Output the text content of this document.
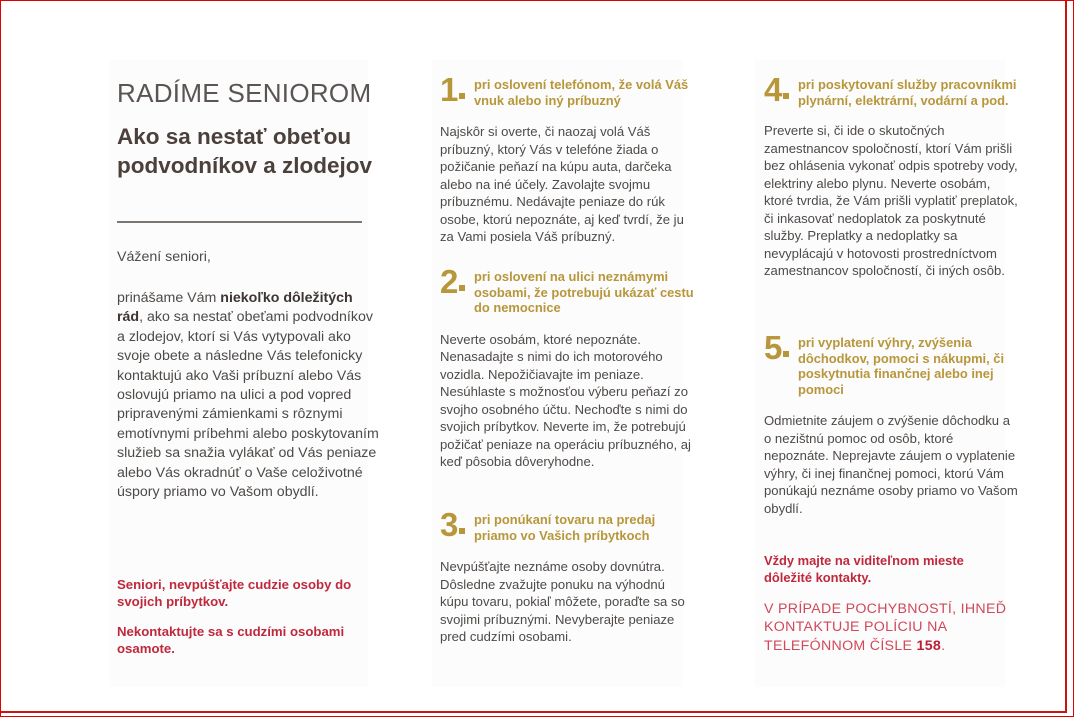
RADÍME SENIOROM
Ako sa nestať obeťou podvodníkov a zlodejov
Vážení seniori,
prinášame Vám niekoľko dôležitých rád, ako sa nestať obeťami podvodníkov a zlodejov, ktorí si Vás vytypovali ako svoje obete a následne Vás telefonicky kontaktujú ako Vaši príbuzní alebo Vás oslovujú priamo na ulici a pod vopred pripravenými zámienkami s rôznymi emotívnymi príbehmi alebo poskytovaním služieb sa snažia vylákať od Vás peniaze alebo Vás okradnúť o Vaše celoživotné úspory priamo vo Vašom obydlí.
Seniori, nevpúšťajte cudzie osoby do svojich príbytkov.
Nekontaktujte sa s cudzími osobami osamote.
1	pri oslovení telefónom, že volá Váš vnuk alebo iný príbuzný
Najskôr si overte, či naozaj volá Váš príbuzný, ktorý Vás v telefóne žiada o požičanie peňazí na kúpu auta, darčeka alebo na iné účely. Zavolajte svojmu príbuznému. Nedávajte peniaze do rúk osobe, ktorú nepoznáte, aj keď tvrdí, že ju za Vami posiela Váš príbuzný.
2	pri oslovení na ulici neznámymi osobami, že potrebujú ukázať cestu do nemocnice
Neverte osobám, ktoré nepoznáte. Nenasadajte s nimi do ich motorového vozidla. Nepožičiavajte im peniaze. Nesúhlaste s možnosťou výberu peňazí zo svojho osobného účtu. Nechoďte s nimi do svojich príbytkov. Neverte im, že potrebujú požičať peniaze na operáciu príbuzného, aj keď pôsobia dôveryhodne.
3	pri ponúkaní tovaru na predaj priamo vo Vašich príbytkoch
Nevpúšťajte neznáme osoby dovnútra. Dôsledne zvažujte ponuku na výhodnú kúpu tovaru, pokiaľ môžete, poraďte sa so svojimi príbuznými. Nevyberajte peniaze pred cudzími osobami.
4	pri poskytovaní služby pracovníkmi plynární, elektrární, vodární a pod.
Preverte si, či ide o skutočných zamestnancov spoločností, ktorí Vám prišli bez ohlásenia vykonať odpis spotreby vody, elektriny alebo plynu. Neverte osobám, ktoré tvrdia, že Vám prišli vyplatiť preplatok, či inkasovať nedoplatok za poskytnuté služby. Preplatky a nedoplatky sa nevyplácajú v hotovosti prostredníctvom zamestnancov spoločností, či iných osôb.
5	pri vyplatení výhry, zvýšenia dôchodkov, pomoci s nákupmi, či poskytnutia finančnej alebo inej pomoci
Odmietnite záujem o zvýšenie dôchodku a o nezištnú pomoc od osôb, ktoré nepoznáte. Neprejavte záujem o vyplatenie výhry, či inej finančnej pomoci, ktorú Vám ponúkajú neznáme osoby priamo vo Vašom obydlí.
Vždy majte na viditeľnom mieste dôležité kontakty.
V PRÍPADE POCHYBNOSTÍ, IHNEĎ KONTAKTUJE POLÍCIU NA TELEFÓNNOM ČÍSLE 158.
